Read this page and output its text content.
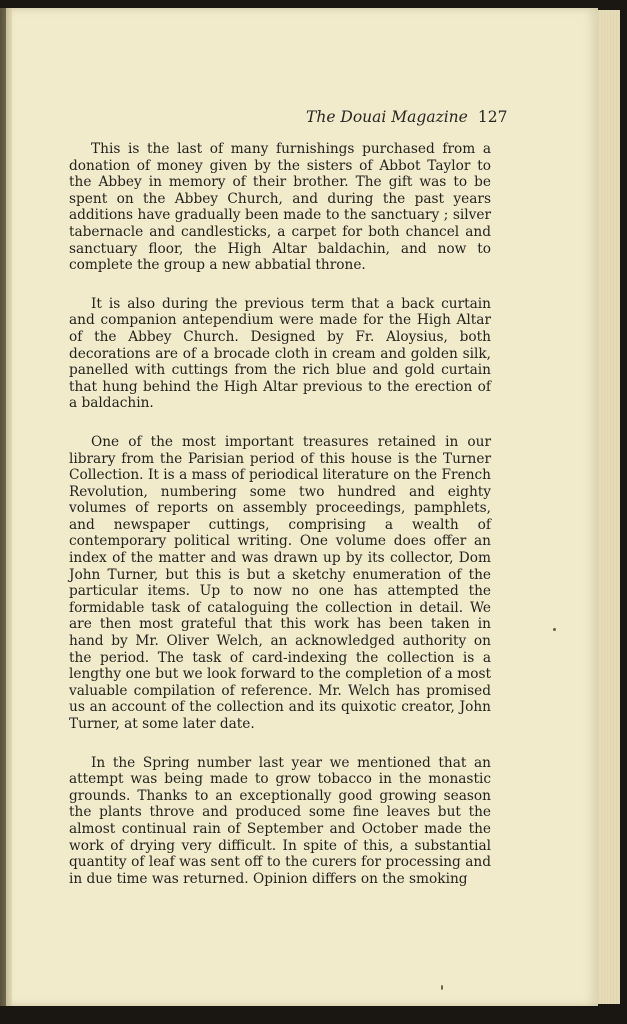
The Douai Magazine 127

This is the last of many furnishings purchased from a donation of money given by the sisters of Abbot Taylor to the Abbey in memory of their brother. The gift was to be spent on the Abbey Church, and during the past years additions have gradually been made to the sanctuary ; silver tabernacle and candlesticks, a carpet for both chancel and sanctuary floor, the High Altar baldachin, and now to complete the group a new abbatial throne.

It is also during the previous term that a back curtain and companion antependium were made for the High Altar of the Abbey Church. Designed by Fr. Aloysius, both decorations are of a brocade cloth in cream and golden silk, panelled with cuttings from the rich blue and gold curtain that hung behind the High Altar previous to the erection of a baldachin.

One of the most important treasures retained in our library from the Parisian period of this house is the Turner Collection. It is a mass of periodical literature on the French Revolution, numbering some two hundred and eighty volumes of reports on assembly proceedings, pamphlets, and newspaper cuttings, comprising a wealth of contemporary political writing. One volume does offer an index of the matter and was drawn up by its collector, Dom John Turner, but this is but a sketchy enumeration of the particular items. Up to now no one has attempted the formidable task of cataloguing the collection in detail. We are then most grateful that this work has been taken in hand by Mr. Oliver Welch, an acknowledged authority on the period. The task of card-indexing the collection is a lengthy one but we look forward to the completion of a most valuable compilation of reference. Mr. Welch has promised us an account of the collection and its quixotic creator, John Turner, at some later date.

In the Spring number last year we mentioned that an attempt was being made to grow tobacco in the monastic grounds. Thanks to an exceptionally good growing season the plants throve and produced some fine leaves but the almost continual rain of September and October made the work of drying very difficult. In spite of this, a substantial quantity of leaf was sent off to the curers for processing and in due time was returned. Opinion differs on the smoking
